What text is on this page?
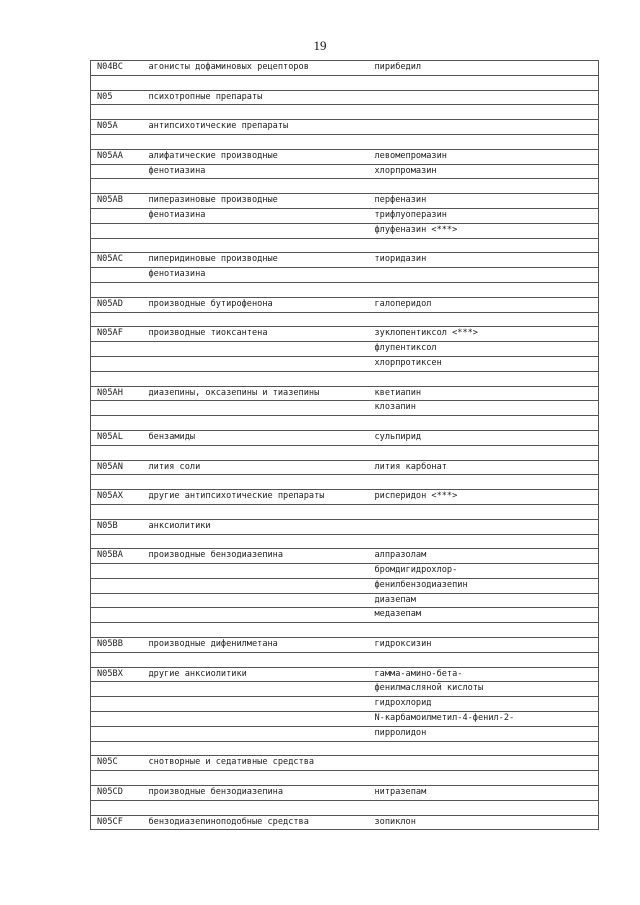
19
N04BC	агонисты дофаминовых рецепторов	пирибедил

N05	психотропные препараты	

N05A	антипсихотические препараты	

N05AA	алифатические производные	левомепромазин
	фенотиазина	хлорпромазин

N05AB	пиперазиновые производные	перфеназин
	фенотиазина	трифлуоперазин
		флуфеназин <***>

N05AC	пиперидиновые производные	тиоридазин
	фенотиазина	

N05AD	производные бутирофенона	галоперидол

N05AF	производные тиоксантена	зуклопентиксол <***>
		флупентиксол
		хлорпротиксен

N05AH	диазепины, оксазепины и тиазепины	кветиапин
		клозапин

N05AL	бензамиды	сульпирид

N05AN	лития соли	лития карбонат

N05AX	другие антипсихотические препараты	рисперидон <***>

N05B	анксиолитики	

N05BA	производные бензодиазепина	алпразолам
		бромдигидрохлор-
		фенилбензодиазепин
		диазепам
		медазепам

N05BB	производные дифенилметана	гидроксизин

N05BX	другие анксиолитики	гамма-амино-бета-
		фенилмасляной кислоты
		гидрохлорид
		N-карбамоилметил-4-фенил-2-
		пирролидон

N05C	снотворные и седативные средства	

N05CD	производные бензодиазепина	нитразепам

N05CF	бензодиазепиноподобные средства	зопиклон
